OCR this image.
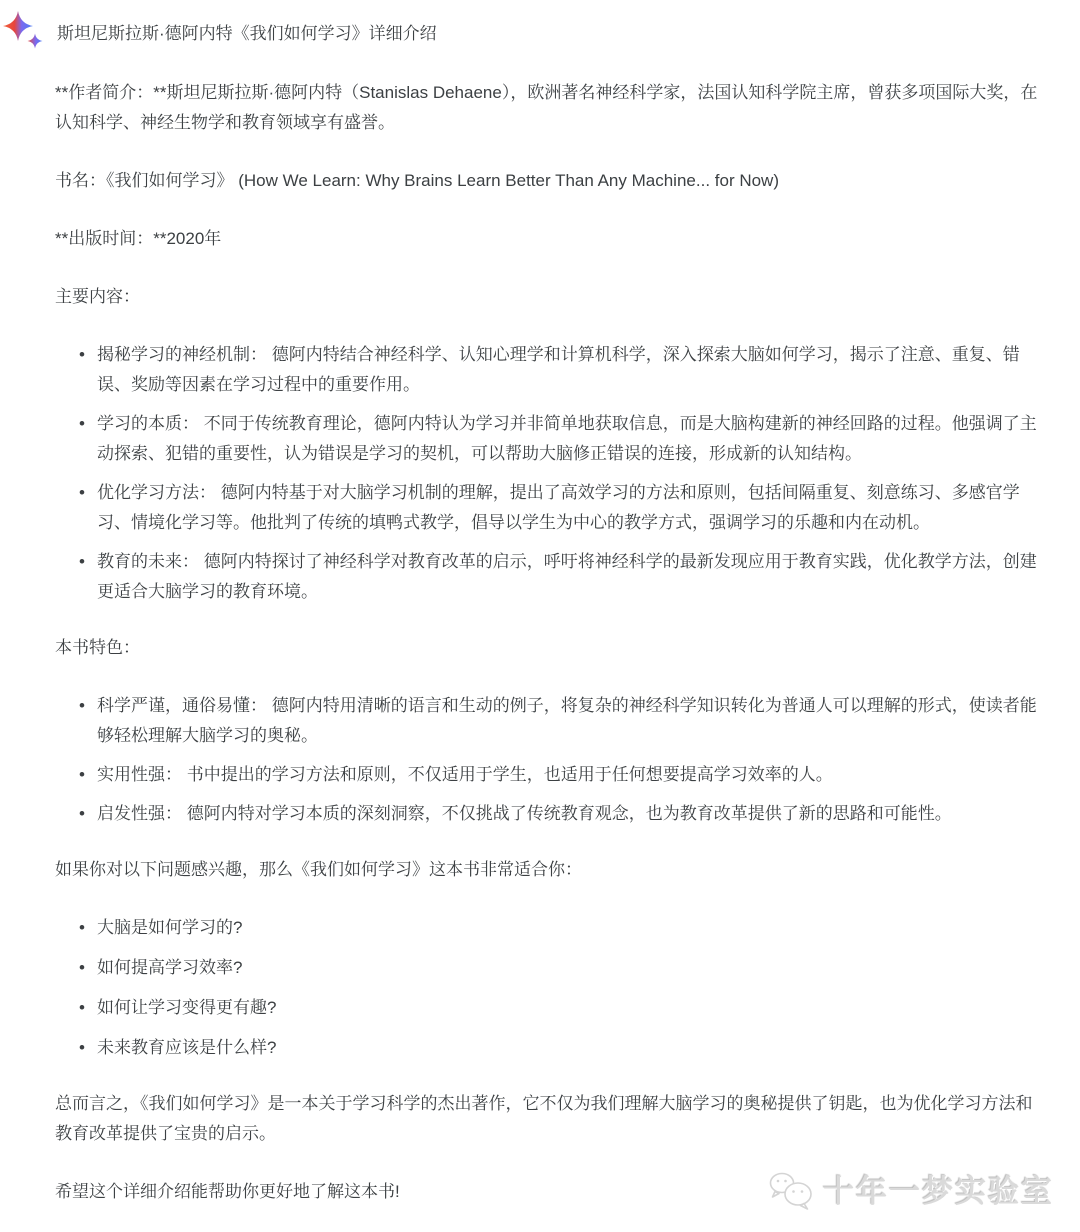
斯坦尼斯拉斯·德阿内特《我们如何学习》详细介绍

**作者简介：**斯坦尼斯拉斯·德阿内特（Stanislas Dehaene），欧洲著名神经科学家，法国认知科学院主席，曾获多项国际大奖，在认知科学、神经生物学和教育领域享有盛誉。

书名：《我们如何学习》 (How We Learn: Why Brains Learn Better Than Any Machine... for Now)

**出版时间：**2020年

主要内容：

• 揭秘学习的神经机制： 德阿内特结合神经科学、认知心理学和计算机科学，深入探索大脑如何学习，揭示了注意、重复、错误、奖励等因素在学习过程中的重要作用。
• 学习的本质： 不同于传统教育理论，德阿内特认为学习并非简单地获取信息，而是大脑构建新的神经回路的过程。他强调了主动探索、犯错的重要性，认为错误是学习的契机，可以帮助大脑修正错误的连接，形成新的认知结构。
• 优化学习方法： 德阿内特基于对大脑学习机制的理解，提出了高效学习的方法和原则，包括间隔重复、刻意练习、多感官学习、情境化学习等。他批判了传统的填鸭式教学，倡导以学生为中心的教学方式，强调学习的乐趣和内在动机。
• 教育的未来： 德阿内特探讨了神经科学对教育改革的启示，呼吁将神经科学的最新发现应用于教育实践，优化教学方法，创建更适合大脑学习的教育环境。

本书特色：

• 科学严谨，通俗易懂： 德阿内特用清晰的语言和生动的例子，将复杂的神经科学知识转化为普通人可以理解的形式，使读者能够轻松理解大脑学习的奥秘。
• 实用性强： 书中提出的学习方法和原则，不仅适用于学生，也适用于任何想要提高学习效率的人。
• 启发性强： 德阿内特对学习本质的深刻洞察，不仅挑战了传统教育观念，也为教育改革提供了新的思路和可能性。

如果你对以下问题感兴趣，那么《我们如何学习》这本书非常适合你：

• 大脑是如何学习的?
• 如何提高学习效率?
• 如何让学习变得更有趣?
• 未来教育应该是什么样?

总而言之，《我们如何学习》是一本关于学习科学的杰出著作，它不仅为我们理解大脑学习的奥秘提供了钥匙，也为优化学习方法和教育改革提供了宝贵的启示。

希望这个详细介绍能帮助你更好地了解这本书!	十年一梦实验室
